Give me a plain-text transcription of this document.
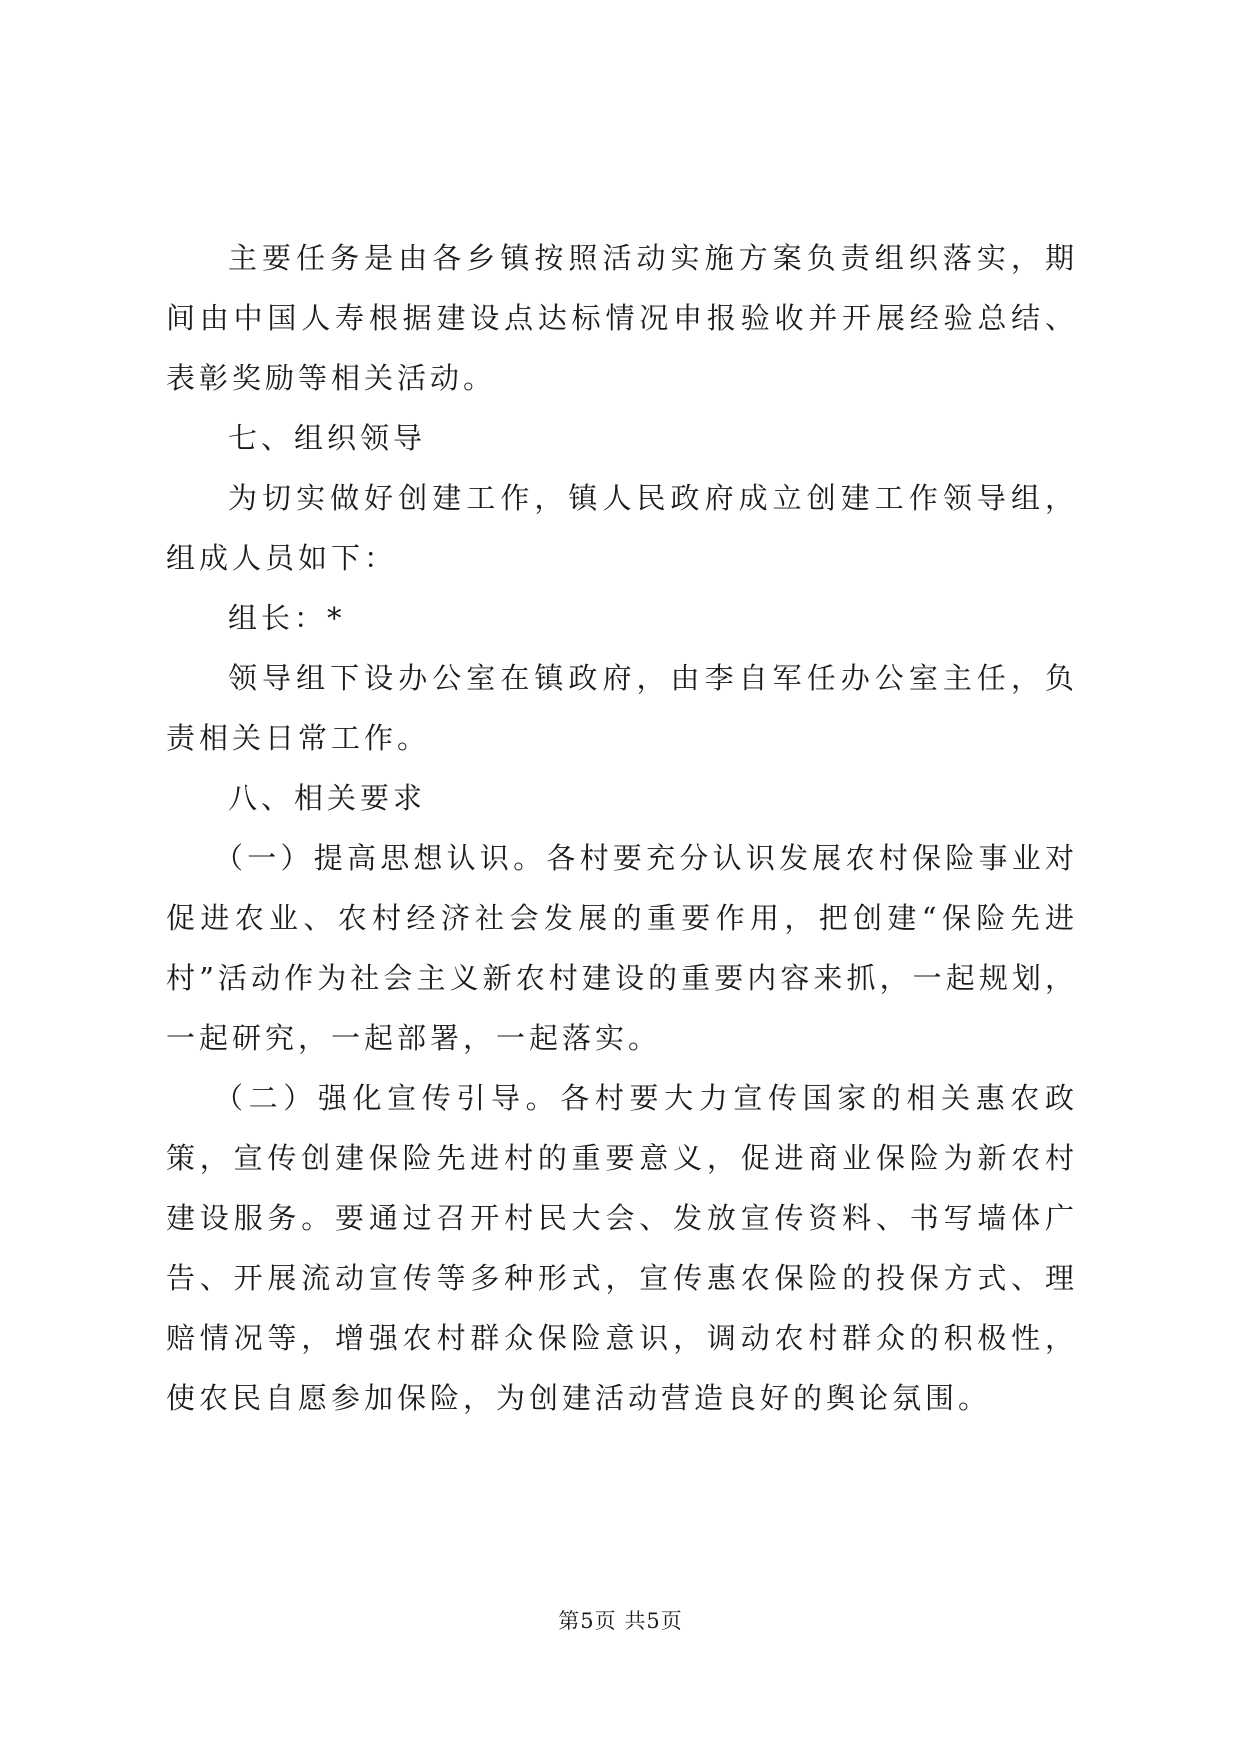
主要任务是由各乡镇按照活动实施方案负责组织落实，期间由中国人寿根据建设点达标情况申报验收并开展经验总结、表彰奖励等相关活动。

七、组织领导

为切实做好创建工作，镇人民政府成立创建工作领导组，组成人员如下：

组长：*

领导组下设办公室在镇政府，由李自军任办公室主任，负责相关日常工作。

八、相关要求

（一）提高思想认识。各村要充分认识发展农村保险事业对促进农业、农村经济社会发展的重要作用，把创建“保险先进村”活动作为社会主义新农村建设的重要内容来抓，一起规划，一起研究，一起部署，一起落实。

（二）强化宣传引导。各村要大力宣传国家的相关惠农政策，宣传创建保险先进村的重要意义，促进商业保险为新农村建设服务。要通过召开村民大会、发放宣传资料、书写墙体广告、开展流动宣传等多种形式，宣传惠农保险的投保方式、理赔情况等，增强农村群众保险意识，调动农村群众的积极性，使农民自愿参加保险，为创建活动营造良好的舆论氛围。

第5页 共5页
